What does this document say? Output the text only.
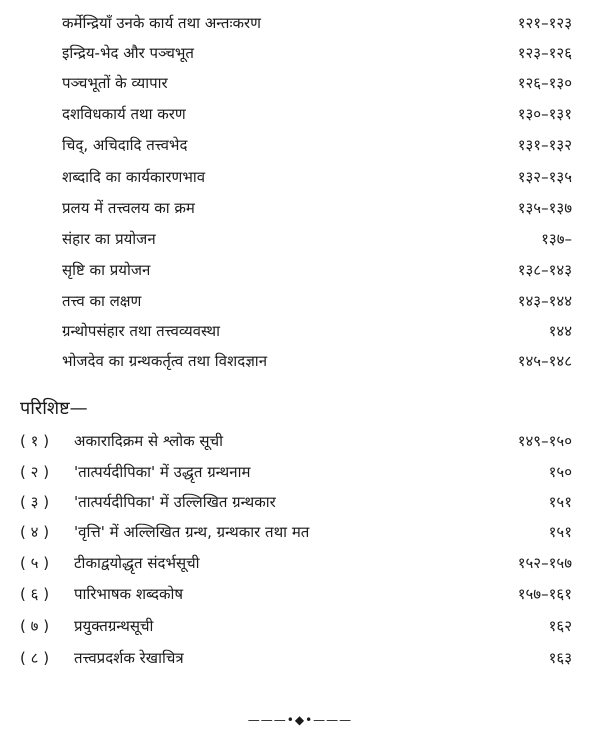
कर्मेन्द्रियाँ उनके कार्य तथा अन्तःकरण	१२१–१२३
इन्द्रिय-भेद और पञ्चभूत	१२३–१२६
पञ्चभूतों के व्यापार	१२६–१३०
दशविधकार्य तथा करण	१३०–१३१
चिद्, अचिदादि तत्त्वभेद	१३१–१३२
शब्दादि का कार्यकारणभाव	१३२–१३५
प्रलय में तत्त्वलय का क्रम	१३५–१३७
संहार का प्रयोजन	१३७–
सृष्टि का प्रयोजन	१३८–१४३
तत्त्व का लक्षण	१४३–१४४
ग्रन्थोपसंहार तथा तत्त्वव्यवस्था	१४४
भोजदेव का ग्रन्थकर्तृत्व तथा विशदज्ञान	१४५–१४८
परिशिष्ट—
( १ ) अकारादिक्रम से श्लोक सूची	१४९–१५०
( २ ) 'तात्पर्यदीपिका' में उद्धृत ग्रन्थनाम	१५०
( ३ ) 'तात्पर्यदीपिका' में उल्लिखित ग्रन्थकार	१५१
( ४ ) 'वृत्ति' में अल्लिखित ग्रन्थ, ग्रन्थकार तथा मत	१५१
( ५ ) टीकाद्वयोद्धृत संदर्भसूची	१५२–१५७
( ६ ) पारिभाषक शब्दकोष	१५७–१६१
( ७ ) प्रयुक्तग्रन्थसूची	१६२
( ८ ) तत्त्वप्रदर्शक रेखाचित्र	१६३
———•◆•———
